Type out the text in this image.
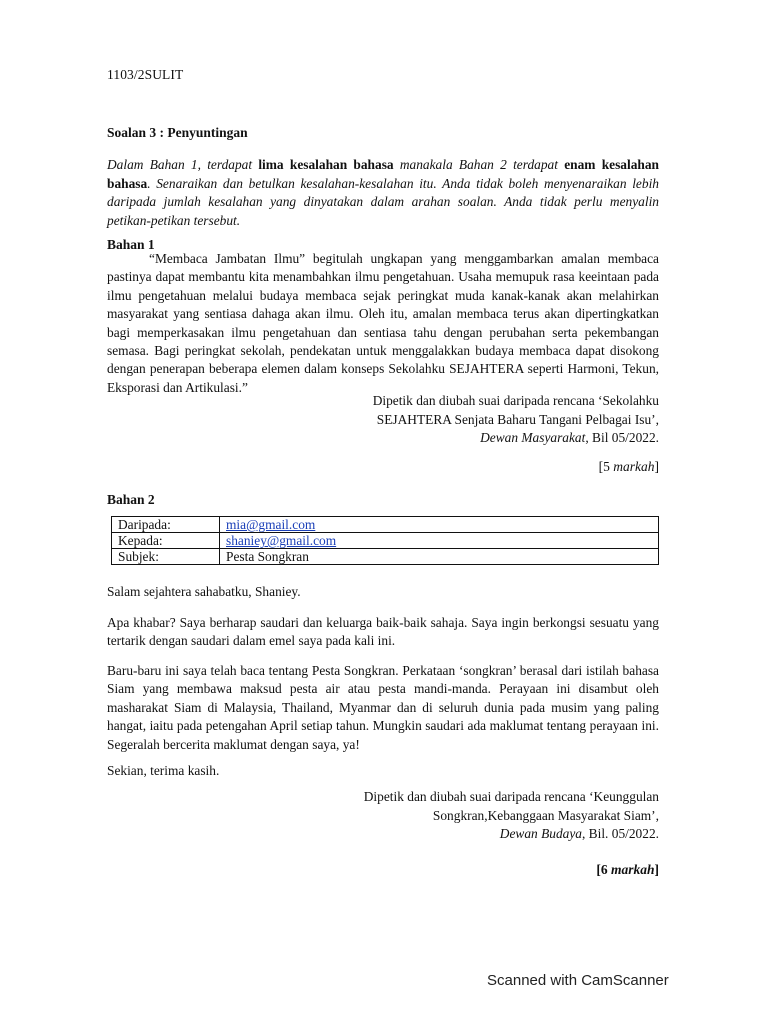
1103/2SULIT
Soalan 3 : Penyuntingan
Dalam Bahan 1, terdapat lima kesalahan bahasa manakala Bahan 2 terdapat enam kesalahan bahasa. Senaraikan dan betulkan kesalahan-kesalahan itu. Anda tidak boleh menyenaraikan lebih daripada jumlah kesalahan yang dinyatakan dalam arahan soalan. Anda tidak perlu menyalin petikan-petikan tersebut.
Bahan 1
“Membaca Jambatan Ilmu” begitulah ungkapan yang menggambarkan amalan membaca pastinya dapat membantu kita menambahkan ilmu pengetahuan. Usaha memupuk rasa keeintaan pada ilmu pengetahuan melalui budaya membaca sejak peringkat muda kanak-kanak akan melahirkan masyarakat yang sentiasa dahaga akan ilmu. Oleh itu, amalan membaca terus akan dipertingkatkan bagi memperkasakan ilmu pengetahuan dan sentiasa tahu dengan perubahan serta pekembangan semasa. Bagi peringkat sekolah, pendekatan untuk menggalakkan budaya membaca dapat disokong dengan penerapan beberapa elemen dalam konseps Sekolahku SEJAHTERA seperti Harmoni, Tekun, Eksporasi dan Artikulasi.”
Dipetik dan diubah suai daripada rencana ‘Sekolahku
SEJAHTERA Senjata Baharu Tangani Pelbagai Isu’,
Dewan Masyarakat, Bil 05/2022.
[5 markah]
Bahan 2
Daripada:	mia@gmail.com
Kepada:	shaniey@gmail.com
Subjek:	Pesta Songkran
Salam sejahtera sahabatku, Shaniey.
Apa khabar? Saya berharap saudari dan keluarga baik-baik sahaja. Saya ingin berkongsi sesuatu yang tertarik dengan saudari dalam emel saya pada kali ini.
Baru-baru ini saya telah baca tentang Pesta Songkran. Perkataan ‘songkran’ berasal dari istilah bahasa Siam yang membawa maksud pesta air atau pesta mandi-manda. Perayaan ini disambut oleh masharakat Siam di Malaysia, Thailand, Myanmar dan di seluruh dunia pada musim yang paling hangat, iaitu pada petengahan April setiap tahun. Mungkin saudari ada maklumat tentang perayaan ini. Segeralah bercerita maklumat dengan saya, ya!
Sekian, terima kasih.
Dipetik dan diubah suai daripada rencana ‘Keunggulan
Songkran,Kebanggaan Masyarakat Siam’,
Dewan Budaya, Bil. 05/2022.
[6 markah]
Scanned with CamScanner
